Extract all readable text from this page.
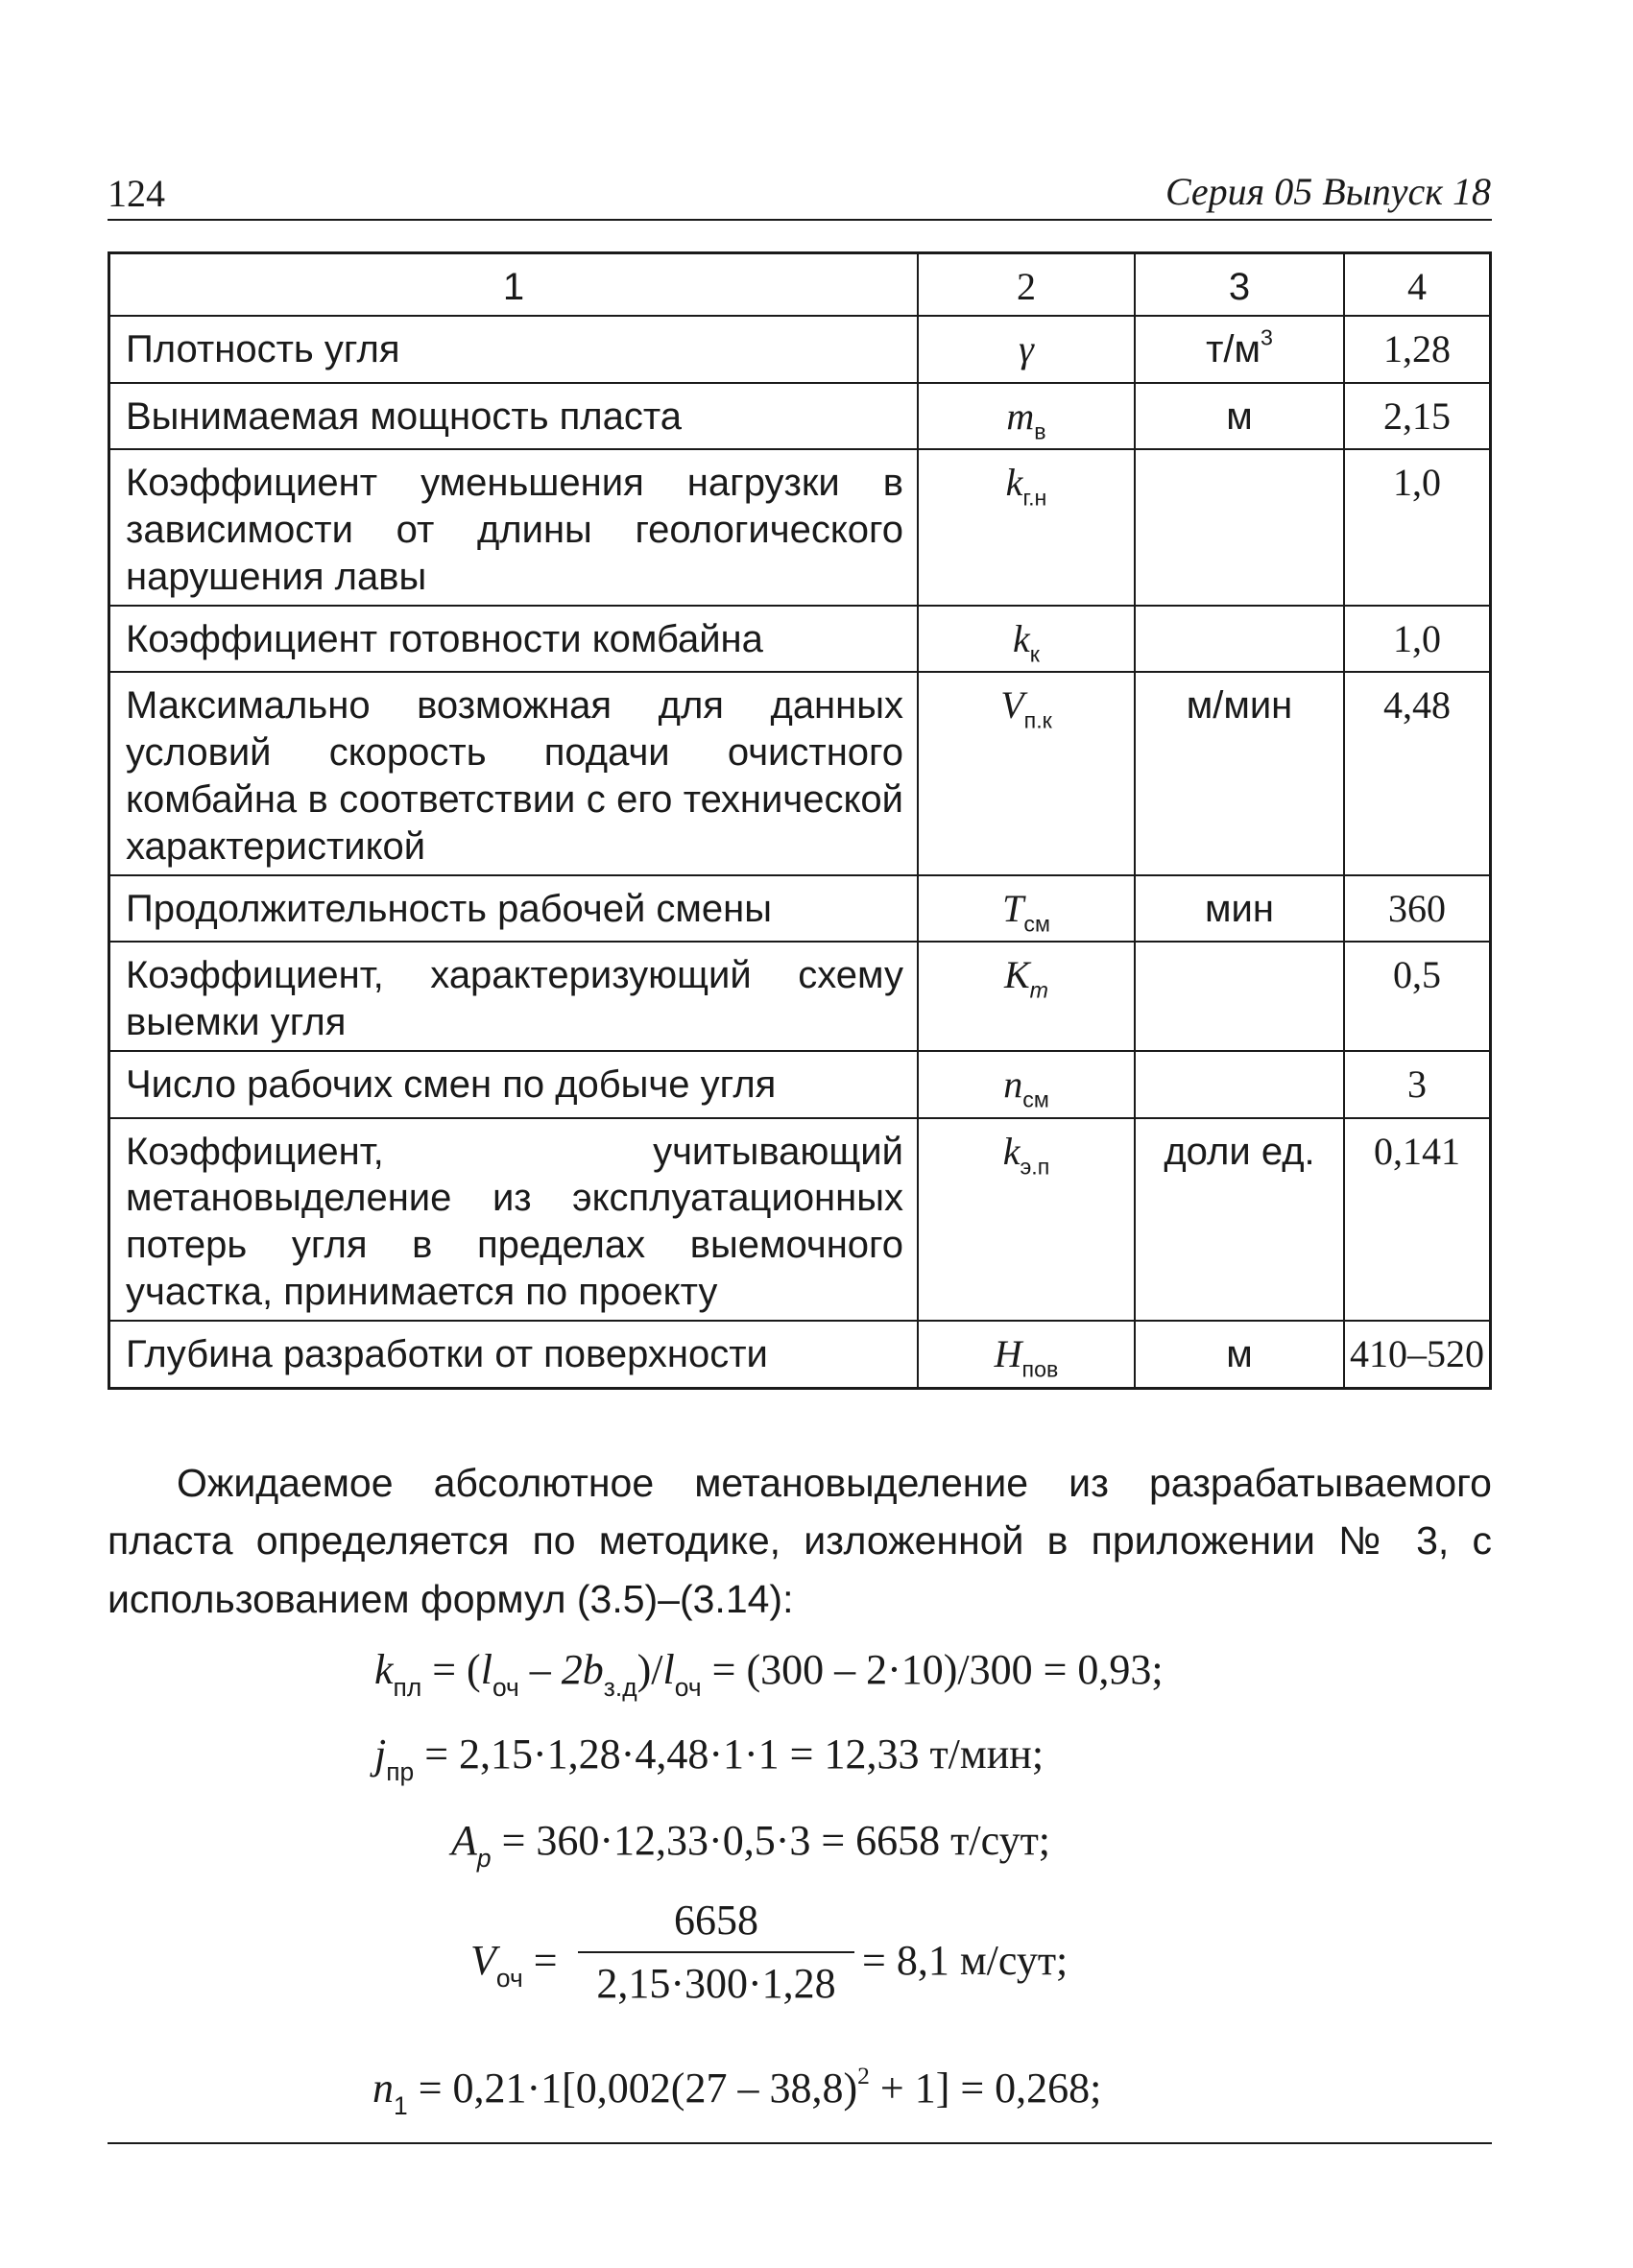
124	Серия 05 Выпуск 18
1	2	3	4
Плотность угля	γ	$т/м^3$	1,28
Вынимаемая мощность пласта	$m_в$	м	2,15
Коэффициент уменьшения нагрузки в зависимости от длины геологического нарушения лавы	$k_{г.н}$		1,0
Коэффициент готовности комбайна	$k_к$		1,0
Максимально возможная для данных условий скорость подачи очистного комбайна в соответствии с его технической характеристикой	$V_{п.к}$	м/мин	4,48
Продолжительность рабочей смены	$T_{см}$	мин	360
Коэффициент, характеризующий схему выемки угля	$K_m$		0,5
Число рабочих смен по добыче угля	$n_{см}$		3
Коэффициент, учитывающий метановыделение из эксплуатационных потерь угля в пределах выемочного участка, принимается по проекту	$k_{э.п}$	доли ед.	0,141
Глубина разработки от поверхности	$H_{пов}$	м	410–520

Ожидаемое абсолютное метановыделение из разрабатываемого пласта определяется по методике, изложенной в приложении № 3, с использованием формул (3.5)–(3.14):

$k_{пл} = (l_{оч} - 2b_{з.д})/l_{оч} = (300 - 2\cdot 10)/300 = 0,93$;
$j_{пр} = 2,15\cdot 1,28\cdot 4,48\cdot 1\cdot 1 = 12,33$ т/мин;
$A_р = 360\cdot 12,33\cdot 0,5\cdot 3 = 6658$ т/сут;
$V_{оч}$ =
6658
2,15·300·1,28 = 8,1 м/сут;
$n_1 = 0,21\cdot 1[0,002(27 - 38,8)^2 + 1] = 0,268$;
